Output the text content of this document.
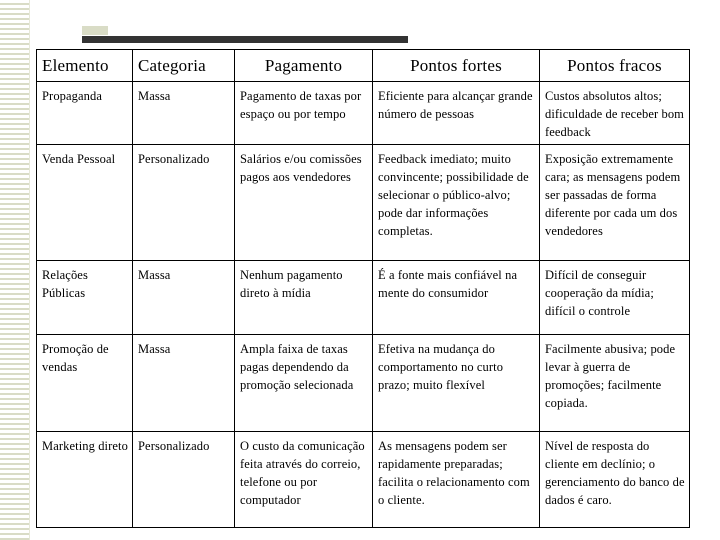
Elemento	Categoria	Pagamento	Pontos fortes	Pontos fracos
Propaganda	Massa	Pagamento de taxas por espaço ou por tempo	Eficiente para alcançar grande número de pessoas	Custos absolutos altos; dificuldade de receber bom feedback
Venda Pessoal	Personalizado	Salários e/ou comissões pagos aos vendedores	Feedback imediato; muito convincente; possibilidade de selecionar o público-alvo; pode dar informações completas.	Exposição extremamente cara; as mensagens podem ser passadas de forma diferente por cada um dos vendedores
Relações Públicas	Massa	Nenhum pagamento direto à mídia	É a fonte mais confiável na mente do consumidor	Difícil de conseguir cooperação da mídia; difícil o controle
Promoção de vendas	Massa	Ampla faixa de taxas pagas dependendo da promoção selecionada	Efetiva na mudança do comportamento no curto prazo; muito flexível	Facilmente abusiva; pode levar à guerra de promoções; facilmente copiada.
Marketing direto	Personalizado	O custo da comunicação feita através do correio, telefone ou por computador	As mensagens podem ser rapidamente preparadas; facilita o relacionamento com o cliente.	Nível de resposta do cliente em declínio; o gerenciamento do banco de dados é caro.
